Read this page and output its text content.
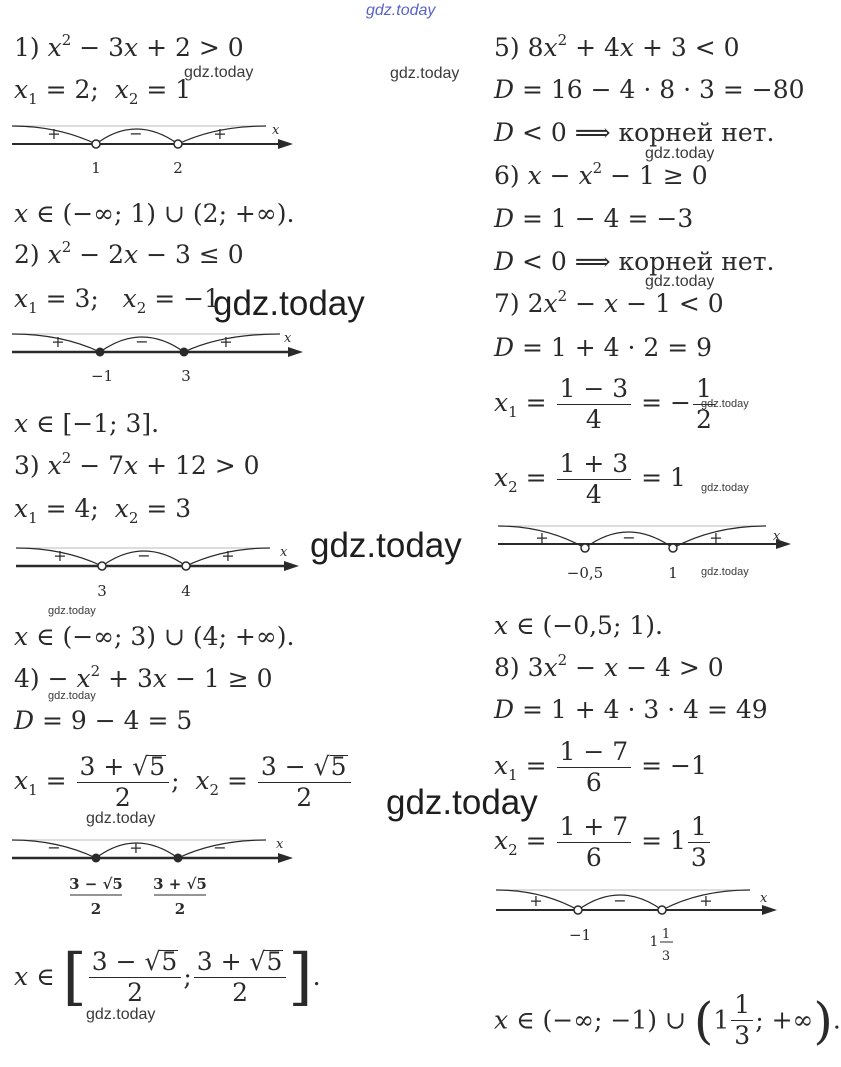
gdz.today
gdz.today	gdz.today
gdz.today
gdz.today
gdz.today
gdz.today
gdz.today
gdz.today
gdz.today
gdz.today
gdz.today
gdz.today
gdz.today
gdz.today
1) $x^2 - 3x + 2 > 0$
$x_1 = 2$;  $x_2 = 1$
x
+	−	+
1	2
x ∈ (−∞; 1) ∪ (2; +∞).
2) $x^2 - 2x - 3 \le 0$
$x_1 = 3$;   $x_2 = -1$
x
+	−	+
−1	3
x ∈ [−1; 3].
3) $x^2 - 7x + 12 > 0$
$x_1 = 4$;  $x_2 = 3$
x
+	−	+
3	4
x ∈ (−∞; 3) ∪ (4; +∞).
$4) - x^2 + 3x - 1 \ge 0$
D = 9 − 4 = 5
$x_1 = \frac{3 + √5}{2}$ ;  $x_2 = \frac{3 - √5}{2}$
x
−	+	−
3 − √5
2
3 + √5
2
x ∈ [ $\frac{3 - √5}{2}$ ; $\frac{3 + √5}{2}$ ].
5) $8x^2 + 4x + 3 < 0$
D = 16 − 4 · 8 · 3 = −80
D < 0 ⟹ корней нет.
6) $x - x^2 - 1 \ge 0$
D = 1 − 4 = −3
D < 0 ⟹ корней нет.
7) $2x^2 - x - 1 < 0$
D = 1 + 4 · 2 = 9
$x_1 = \frac{1 - 3}{4}$ = − $\frac{1}{2}$
$x_2 = \frac{1 + 3}{4} = 1$
x
+	−	+
−0,5	1
x ∈ (−0,5; 1).
8) $3x^2 - x - 4 > 0$
D = 1 + 4 · 3 · 4 = 49
$x_1 = \frac{1 - 7}{6} = -1$
$x_2 = \frac{1 + 7}{6} = 1 \frac{1}{3}$
x
+	−	+
−1	1 1
3
x ∈ (−∞; −1) ∪ ($1 \frac{1}{3}$ ; +∞).
